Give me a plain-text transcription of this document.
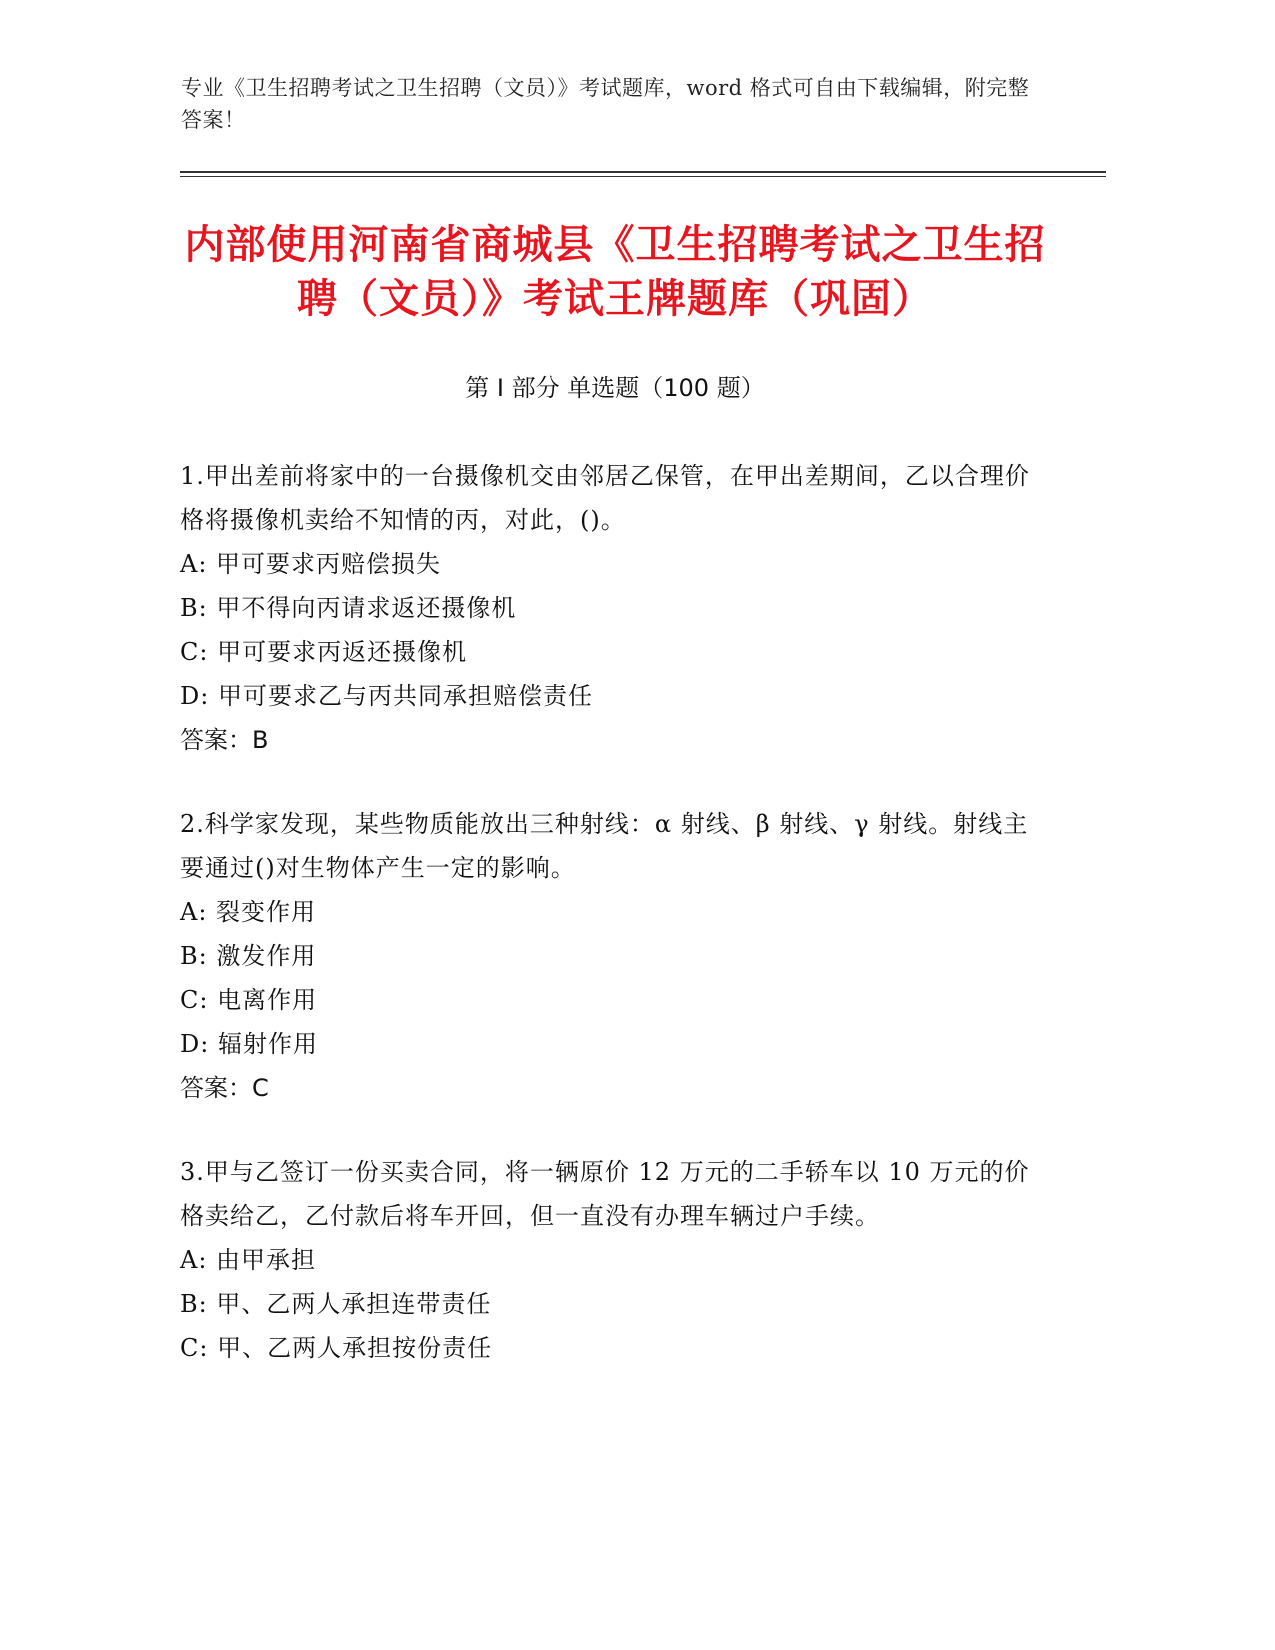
专业《卫生招聘考试之卫生招聘（文员）》考试题库，word 格式可自由下载编辑，附完整答案！
内部使用河南省商城县《卫生招聘考试之卫生招聘（文员）》考试王牌题库（巩固）
第 I 部分 单选题（100 题）
1.甲出差前将家中的一台摄像机交由邻居乙保管，在甲出差期间，乙以合理价格将摄像机卖给不知情的丙，对此，()。
A: 甲可要求丙赔偿损失
B: 甲不得向丙请求返还摄像机
C: 甲可要求丙返还摄像机
D: 甲可要求乙与丙共同承担赔偿责任
答案：B
2.科学家发现，某些物质能放出三种射线：α 射线、β 射线、γ 射线。射线主要通过()对生物体产生一定的影响。
A: 裂变作用
B: 激发作用
C: 电离作用
D: 辐射作用
答案：C
3.甲与乙签订一份买卖合同，将一辆原价 12 万元的二手轿车以 10 万元的价格卖给乙，乙付款后将车开回，但一直没有办理车辆过户手续。
A: 由甲承担
B: 甲、乙两人承担连带责任
C: 甲、乙两人承担按份责任
